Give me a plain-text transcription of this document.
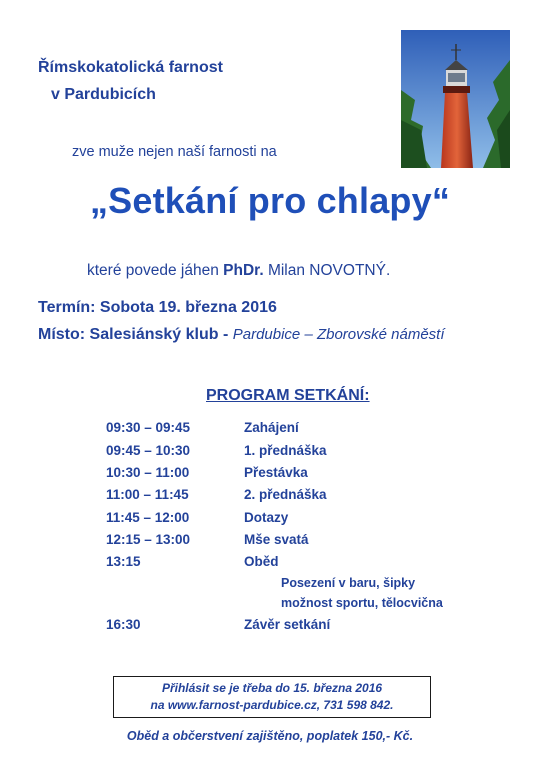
Římskokatolická farnost
v Pardubicích
zve muže nejen naší farnosti na
„Setkání pro chlapy“
které povede jáhen PhDr. Milan NOVOTNÝ.
Termín: Sobota 19. března 2016
Místo: Salesiánský klub - Pardubice – Zborovské náměstí
PROGRAM SETKÁNÍ:
09:30 – 09:45	Zahájení
09:45 – 10:30	1. přednáška
10:30 – 11:00	Přestávka
11:00 – 11:45	2. přednáška
11:45 – 12:00	Dotazy
12:15 – 13:00	Mše svatá
13:15	Oběd
Posezení v baru, šipky
možnost sportu, tělocvična
16:30	Závěr setkání
Přihlásit se je třeba do 15. března 2016
na www.farnost-pardubice.cz, 731 598 842.
Oběd a občerstvení zajištěno, poplatek 150,- Kč.
